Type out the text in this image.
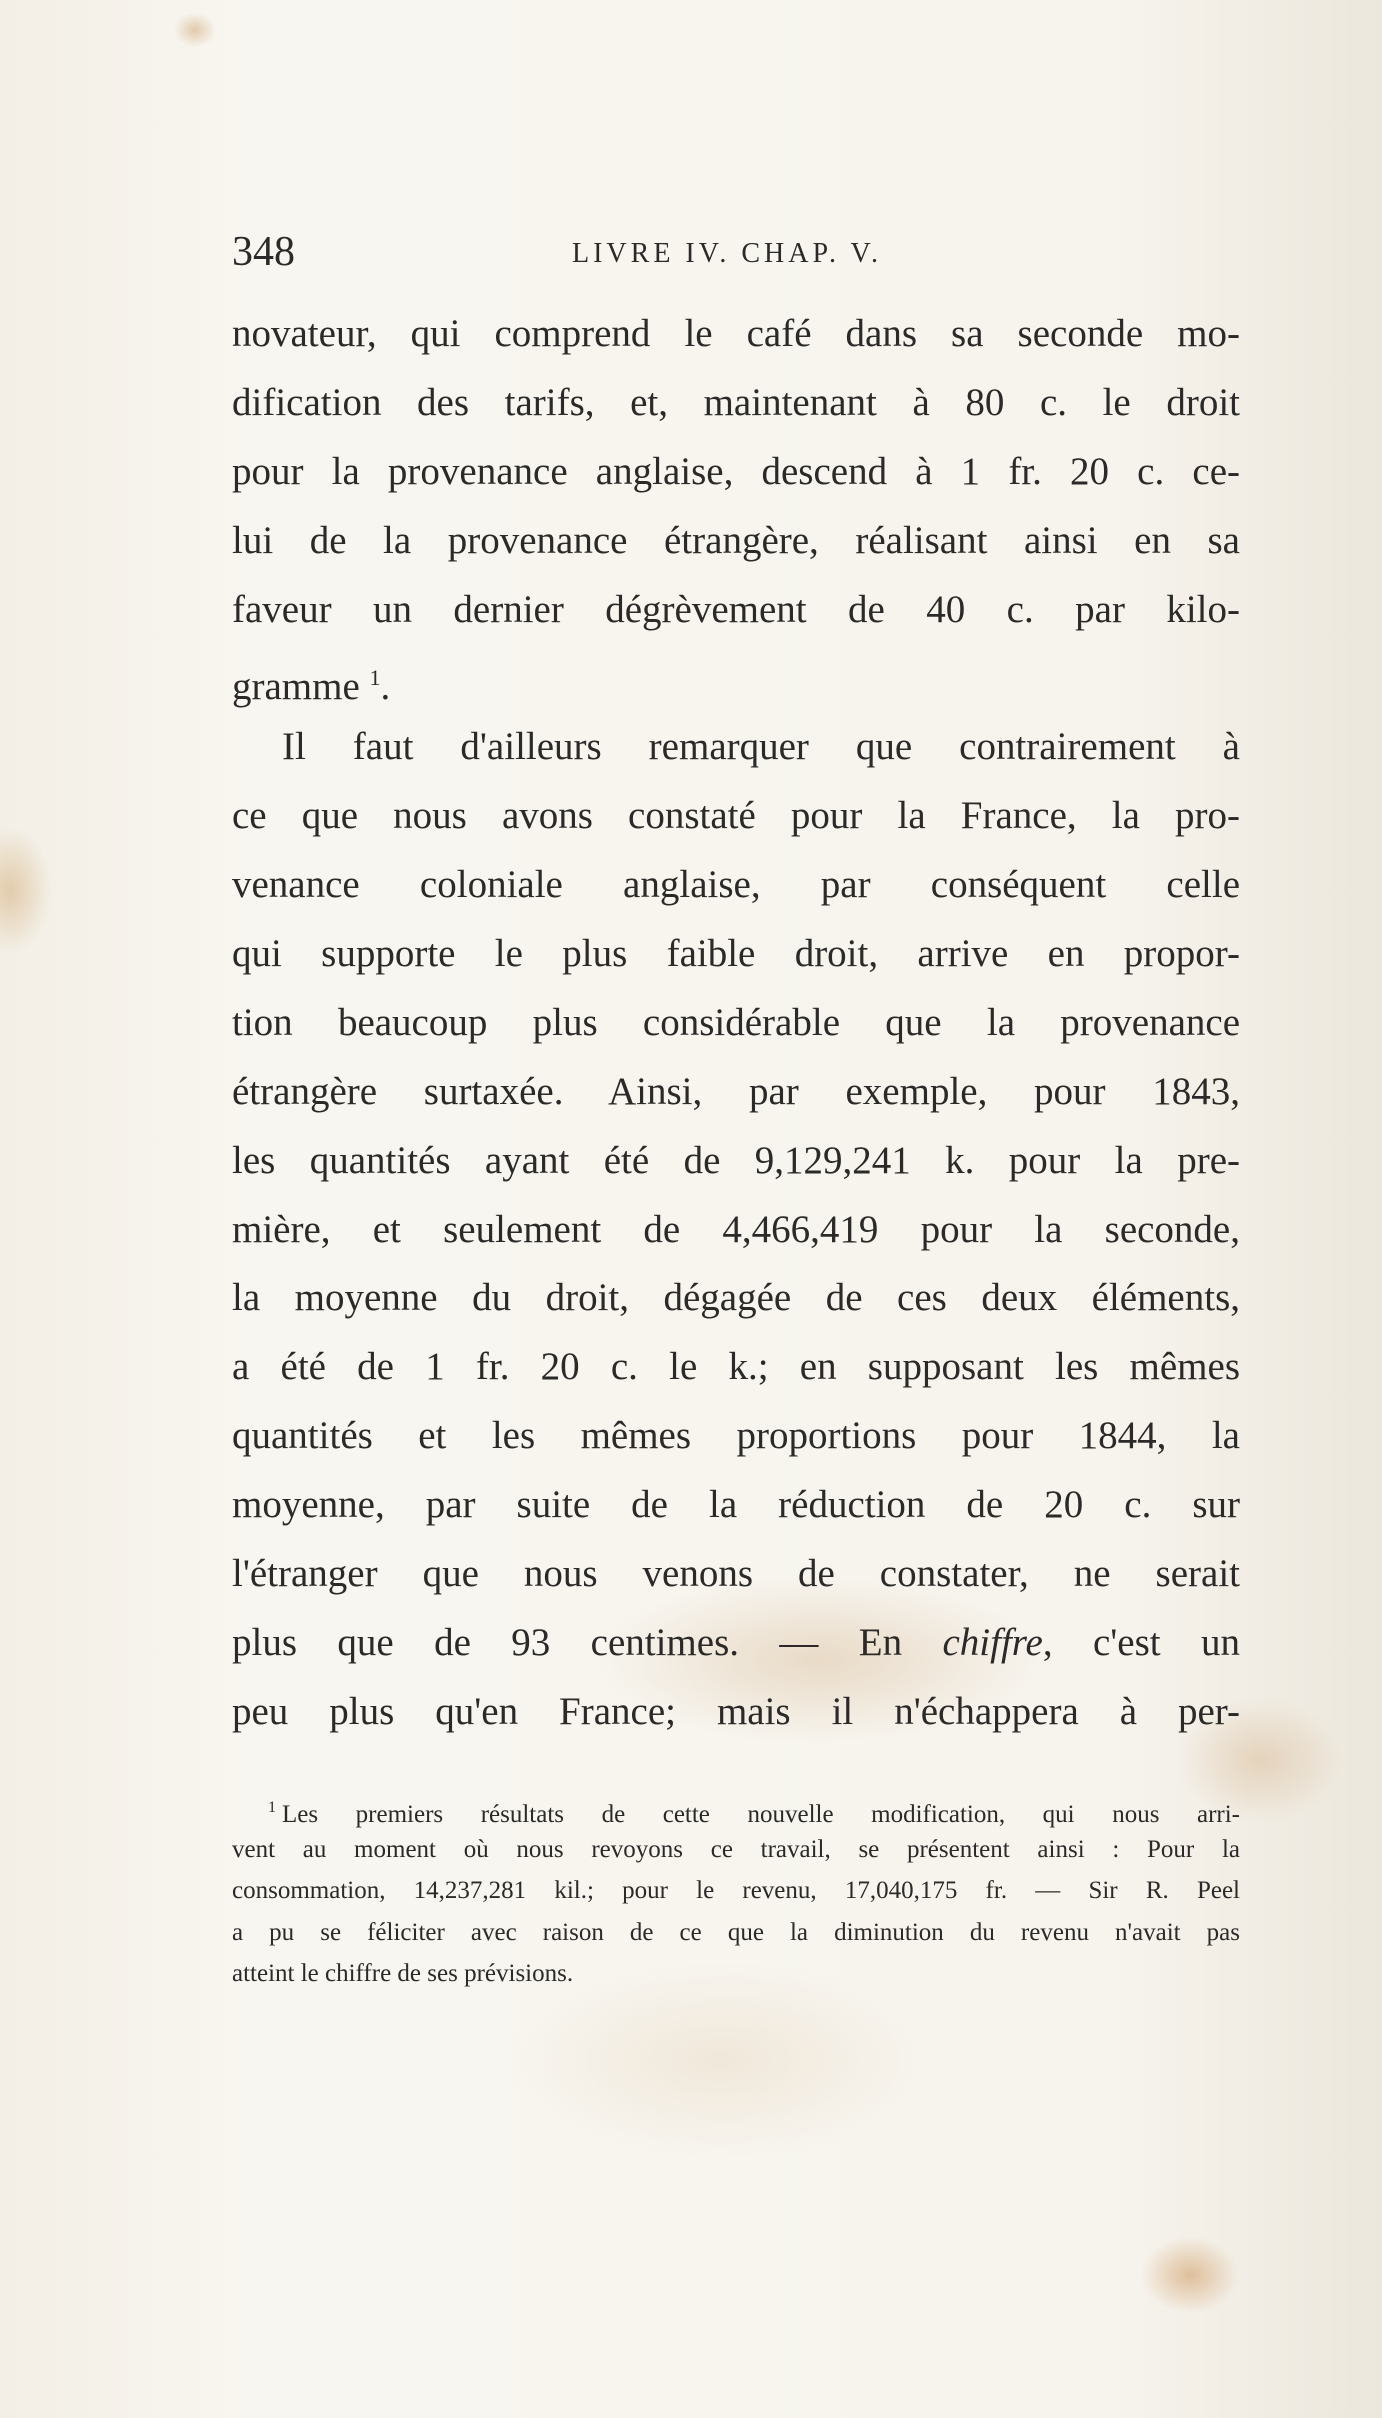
348	LIVRE IV. CHAP. V.
novateur, qui comprend le café dans sa seconde mo-
dification des tarifs, et, maintenant à 80 c. le droit
pour la provenance anglaise, descend à 1 fr. 20 c. ce-
lui de la provenance étrangère, réalisant ainsi en sa
faveur un dernier dégrèvement de 40 c. par kilo-
gramme $^1$.
Il faut d'ailleurs remarquer que contrairement à
ce que nous avons constaté pour la France, la pro-
venance coloniale anglaise, par conséquent celle
qui supporte le plus faible droit, arrive en propor-
tion beaucoup plus considérable que la provenance
étrangère surtaxée. Ainsi, par exemple, pour 1843,
les quantités ayant été de 9,129,241 k. pour la pre-
mière, et seulement de 4,466,419 pour la seconde,
la moyenne du droit, dégagée de ces deux éléments,
a été de 1 fr. 20 c. le k.; en supposant les mêmes
quantités et les mêmes proportions pour 1844, la
moyenne, par suite de la réduction de 20 c. sur
l'étranger que nous venons de constater, ne serait
plus que de 93 centimes. — En chiffre, c'est un
peu plus qu'en France; mais il n'échappera à per-
$^1$ Les premiers résultats de cette nouvelle modification, qui nous arri-
vent au moment où nous revoyons ce travail, se présentent ainsi : Pour la
consommation, 14,237,281 kil.; pour le revenu, 17,040,175 fr. — Sir R. Peel
a pu se féliciter avec raison de ce que la diminution du revenu n'avait pas
atteint le chiffre de ses prévisions.
